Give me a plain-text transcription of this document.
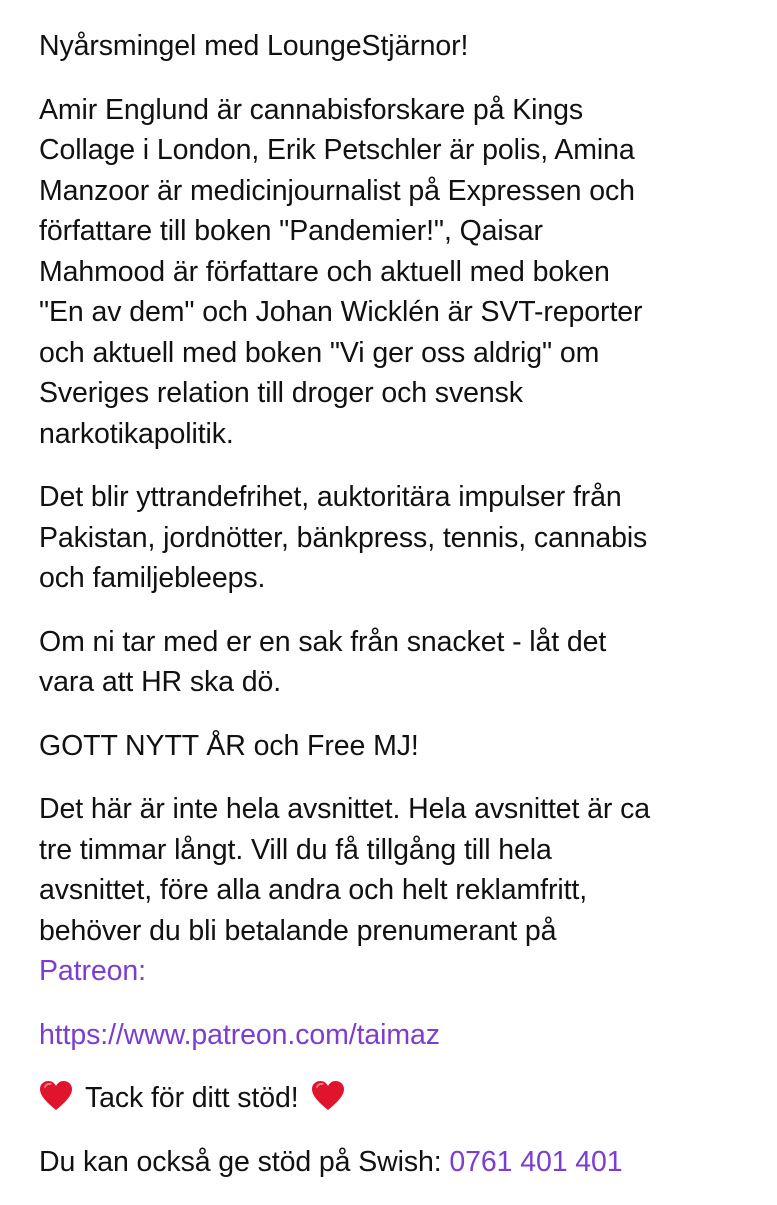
Nyårsmingel med LoungeStjärnor!

Amir Englund är cannabisforskare på Kings
Collage i London, Erik Petschler är polis, Amina
Manzoor är medicinjournalist på Expressen och
författare till boken "Pandemier!", Qaisar
Mahmood är författare och aktuell med boken
"En av dem" och Johan Wicklén är SVT-reporter
och aktuell med boken "Vi ger oss aldrig" om
Sveriges relation till droger och svensk
narkotikapolitik.

Det blir yttrandefrihet, auktoritära impulser från
Pakistan, jordnötter, bänkpress, tennis, cannabis
och familjebleeps.

Om ni tar med er en sak från snacket - låt det
vara att HR ska dö.

GOTT NYTT ÅR och Free MJ!

Det här är inte hela avsnittet. Hela avsnittet är ca
tre timmar långt. Vill du få tillgång till hela
avsnittet, före alla andra och helt reklamfritt,
behöver du bli betalande prenumerant på
Patreon:

https://www.patreon.com/taimaz

Tack för ditt stöd!

Du kan också ge stöd på Swish: 0761 401 401
